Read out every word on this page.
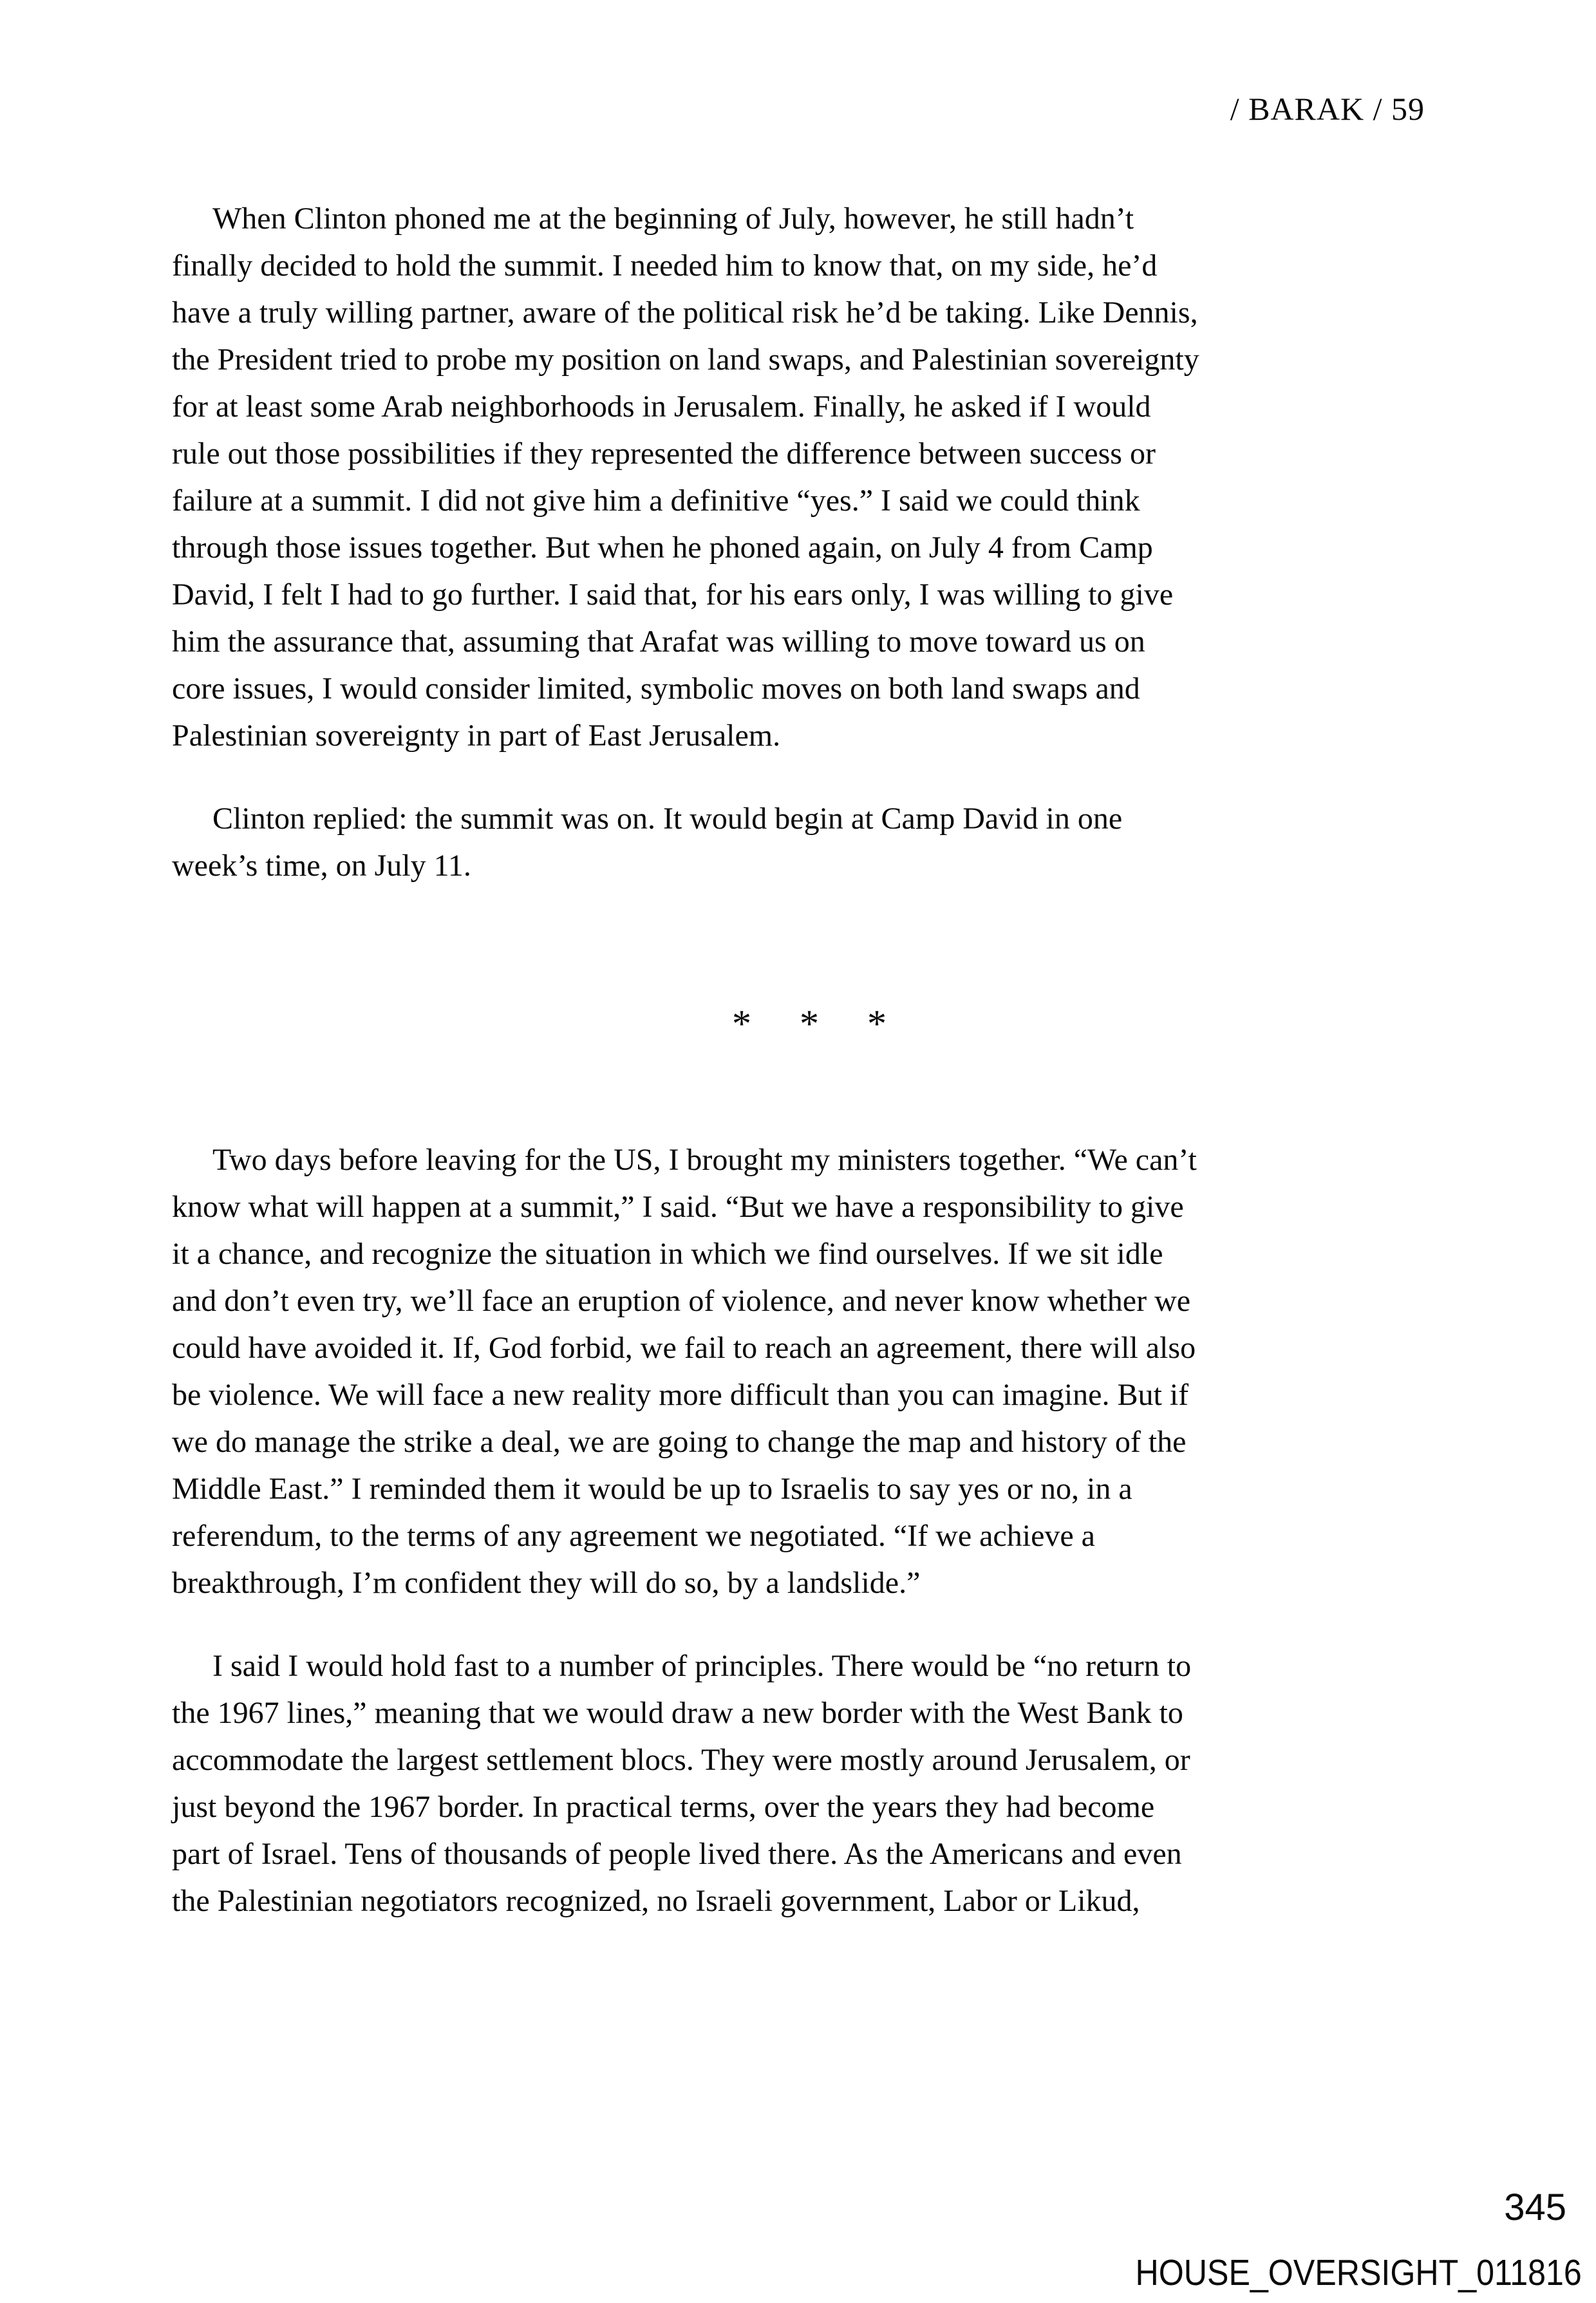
/ BARAK / 59
When Clinton phoned me at the beginning of July, however, he still hadn’t
finally decided to hold the summit. I needed him to know that, on my side, he’d
have a truly willing partner, aware of the political risk he’d be taking. Like Dennis,
the President tried to probe my position on land swaps, and Palestinian sovereignty
for at least some Arab neighborhoods in Jerusalem. Finally, he asked if I would
rule out those possibilities if they represented the difference between success or
failure at a summit. I did not give him a definitive “yes.” I said we could think
through those issues together. But when he phoned again, on July 4 from Camp
David, I felt I had to go further. I said that, for his ears only, I was willing to give
him the assurance that, assuming that Arafat was willing to move toward us on
core issues, I would consider limited, symbolic moves on both land swaps and
Palestinian sovereignty in part of East Jerusalem.
Clinton replied: the summit was on. It would begin at Camp David in one
week’s time, on July 11.
*     *     *
Two days before leaving for the US, I brought my ministers together. “We can’t
know what will happen at a summit,” I said. “But we have a responsibility to give
it a chance, and recognize the situation in which we find ourselves. If we sit idle
and don’t even try, we’ll face an eruption of violence, and never know whether we
could have avoided it. If, God forbid, we fail to reach an agreement, there will also
be violence. We will face a new reality more difficult than you can imagine. But if
we do manage the strike a deal, we are going to change the map and history of the
Middle East.” I reminded them it would be up to Israelis to say yes or no, in a
referendum, to the terms of any agreement we negotiated. “If we achieve a
breakthrough, I’m confident they will do so, by a landslide.”
I said I would hold fast to a number of principles. There would be “no return to
the 1967 lines,” meaning that we would draw a new border with the West Bank to
accommodate the largest settlement blocs. They were mostly around Jerusalem, or
just beyond the 1967 border. In practical terms, over the years they had become
part of Israel. Tens of thousands of people lived there. As the Americans and even
the Palestinian negotiators recognized, no Israeli government, Labor or Likud,
345
HOUSE_OVERSIGHT_011816
